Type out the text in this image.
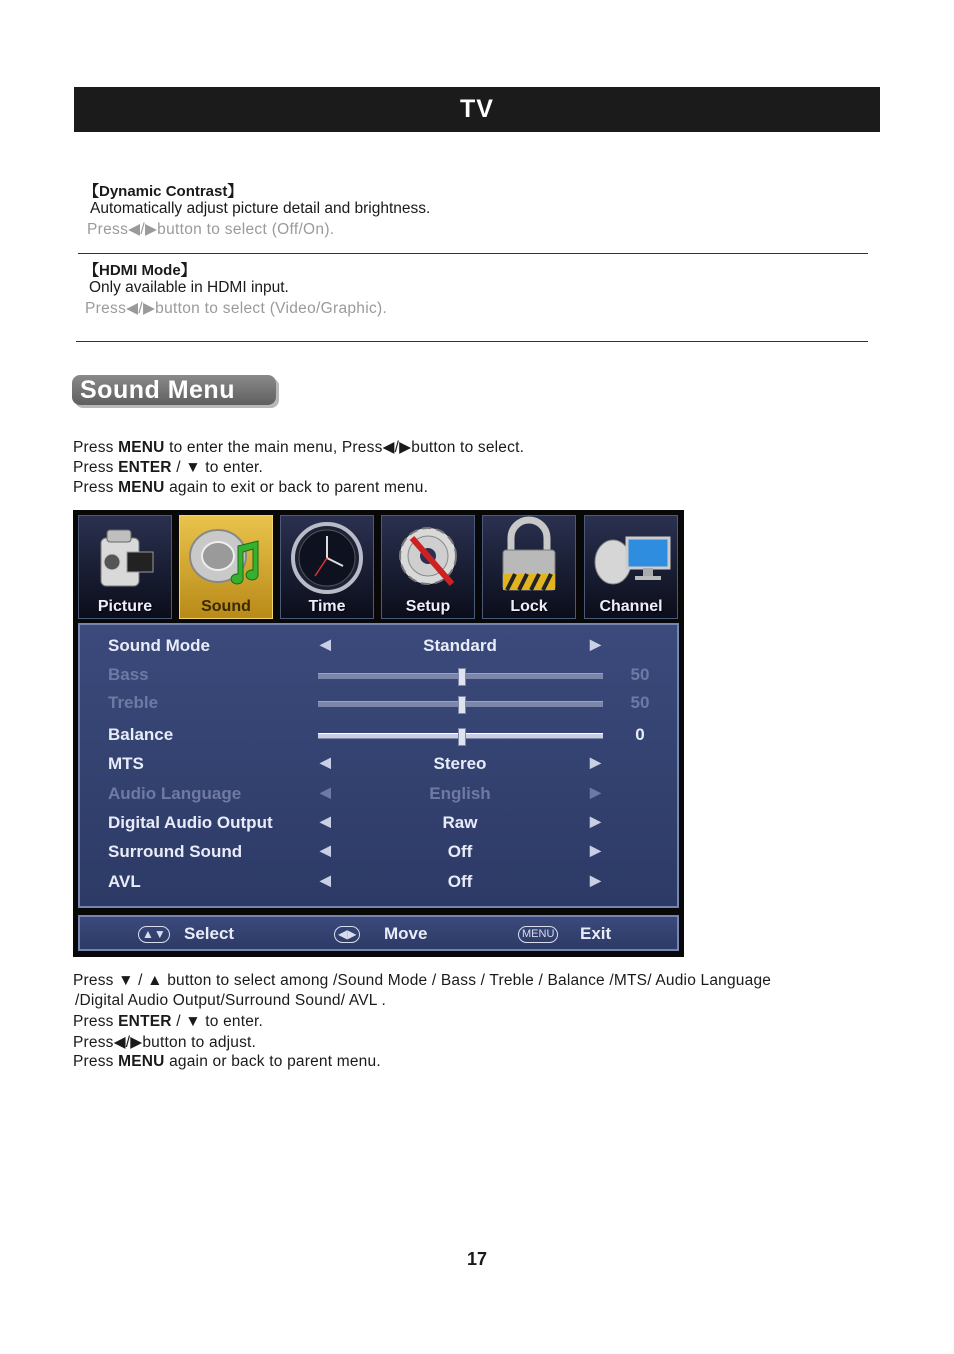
TV
【Dynamic Contrast】
Automatically adjust picture detail and brightness.
Press◀/▶button to select (Off/On).
【HDMI Mode】
Only available in HDMI input.
Press◀/▶button to select (Video/Graphic).
Sound Menu
Press MENU to enter the main menu, Press◀/▶button to select.
Press ENTER / ▼ to enter.
Press MENU again to exit or back to parent menu.
Picture	Sound	Time	Setup	Lock	Channel
Sound Mode	◀	Standard	▶
Bass	50
Treble	50
Balance	0
MTS	◀	Stereo	▶
Audio Language	◀	English	▶
Digital Audio Output	◀	Raw	▶
Surround Sound	◀	Off	▶
AVL	◀	Off	▶
▲▼ Select	◀▶ Move	MENU Exit
Press ▼ / ▲ button to select among /Sound Mode / Bass / Treble / Balance /MTS/ Audio Language
/Digital Audio Output/Surround Sound/ AVL .
Press ENTER / ▼ to enter.
Press◀/▶button to adjust.
Press MENU again or back to parent menu.
17
